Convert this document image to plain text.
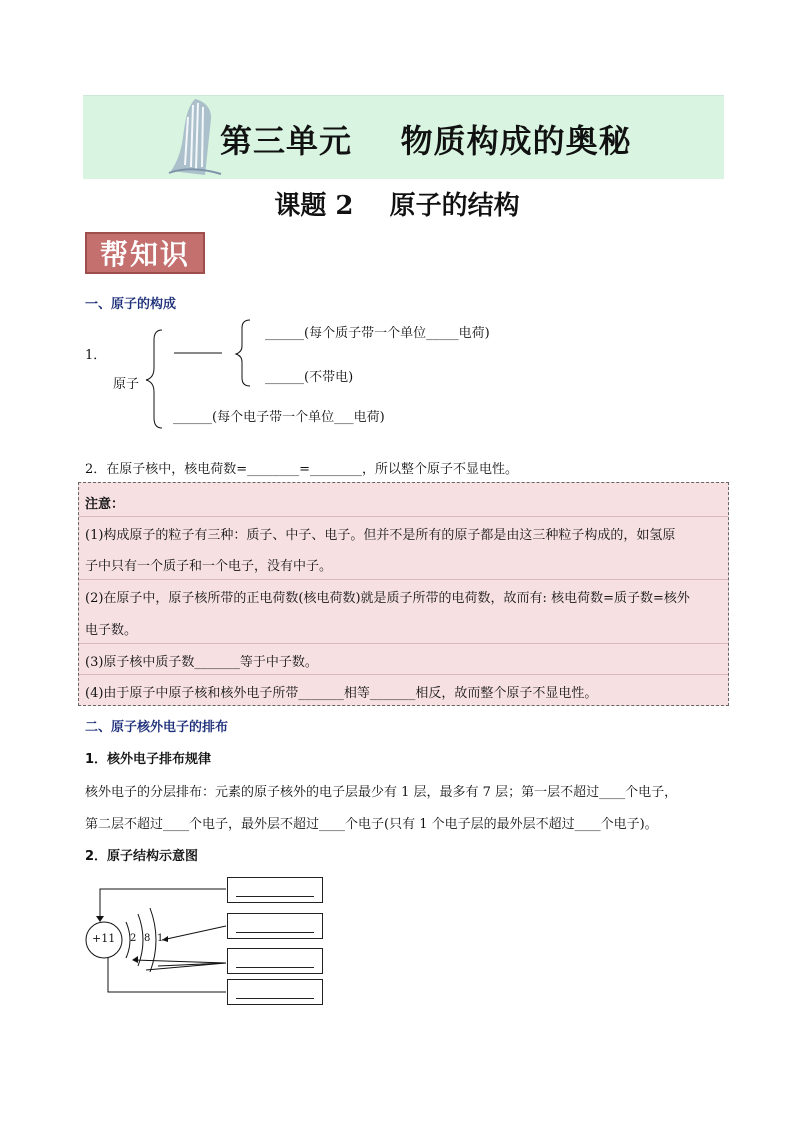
第三单元    物质构成的奥秘
课题 2    原子的结构
帮知识
一、原子的构成
1．
原子
______(每个质子带一个单位_____电荷)
______(不带电)
______(每个电子带一个单位___电荷)
2．在原子核中，核电荷数=________=________，所以整个原子不显电性。
注意：
(1)构成原子的粒子有三种：质子、中子、电子。但并不是所有的原子都是由这三种粒子构成的，如氢原
子中只有一个质子和一个电子，没有中子。
(2)在原子中，原子核所带的正电荷数(核电荷数)就是质子所带的电荷数，故而有: 核电荷数=质子数=核外
电子数。
(3)原子核中质子数_______等于中子数。
(4)由于原子中原子核和核外电子所带_______相等_______相反，故而整个原子不显电性。
二、原子核外电子的排布
1．核外电子排布规律
核外电子的分层排布：元素的原子核外的电子层最少有 1 层，最多有 7 层；第一层不超过____个电子，
第二层不超过____个电子，最外层不超过____个电子(只有 1 个电子层的最外层不超过____个电子)。
2．原子结构示意图
+11 2 8 1
